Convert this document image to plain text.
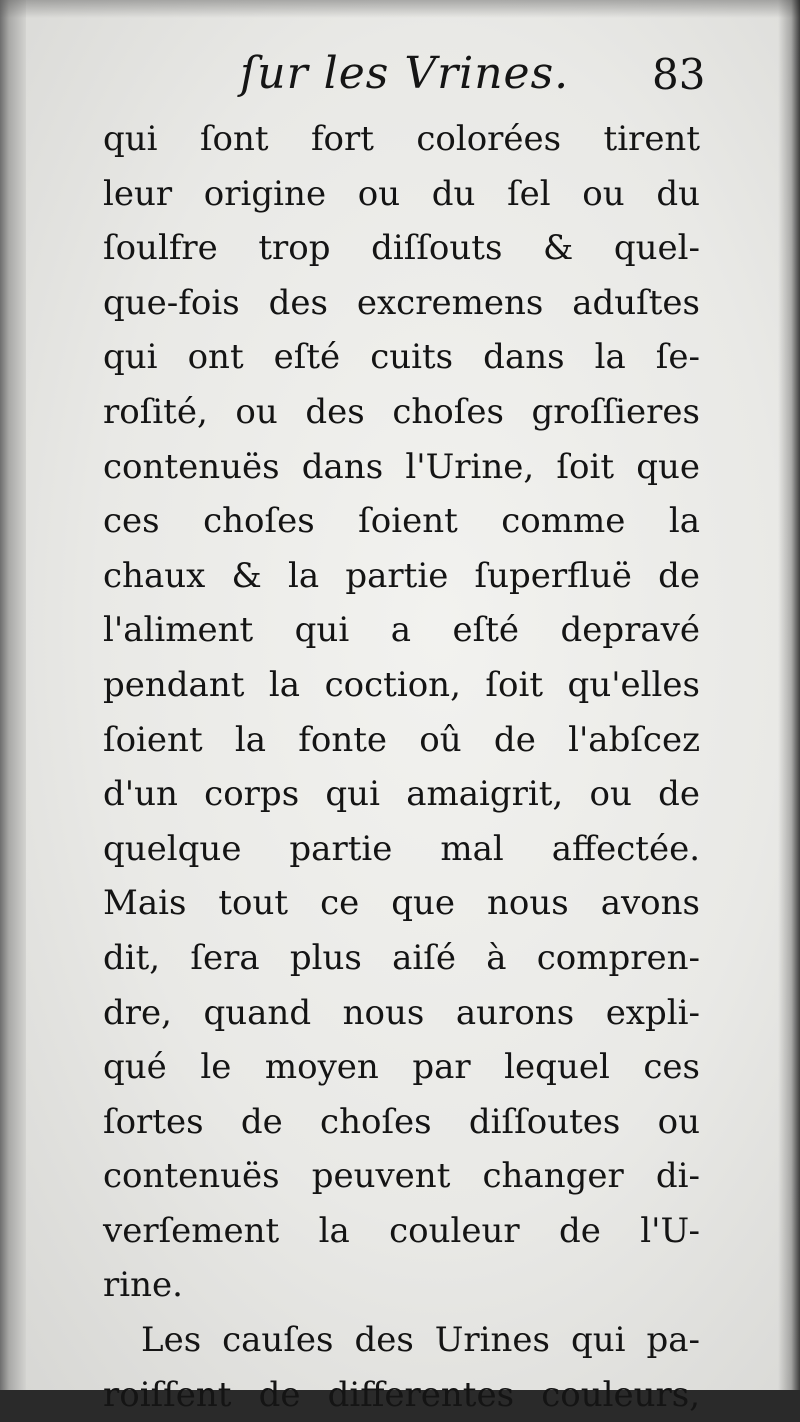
ſur les Vrines. 83
qui ſont fort colorées tirent
leur origine ou du ſel ou du
ſoulfre trop diſſouts & quel-
que-fois des excremens aduſtes
qui ont eſté cuits dans la ſe-
roſité, ou des choſes groſſieres
contenuës dans l'Urine, ſoit que
ces choſes ſoient comme la
chaux & la partie ſuperfluë de
l'aliment qui a eſté depravé
pendant la coction, ſoit qu'elles
ſoient la fonte oû de l'abſcez
d'un corps qui amaigrit, ou de
quelque partie mal affectée.
Mais tout ce que nous avons
dit, ſera plus aiſé à compren-
dre, quand nous aurons expli-
qué le moyen par lequel ces
ſortes de choſes diſſoutes ou
contenuës peuvent changer di-
verſement la couleur de l'U-
rine.
Les cauſes des Urines qui pa-
roiſſent de differentes couleurs,
